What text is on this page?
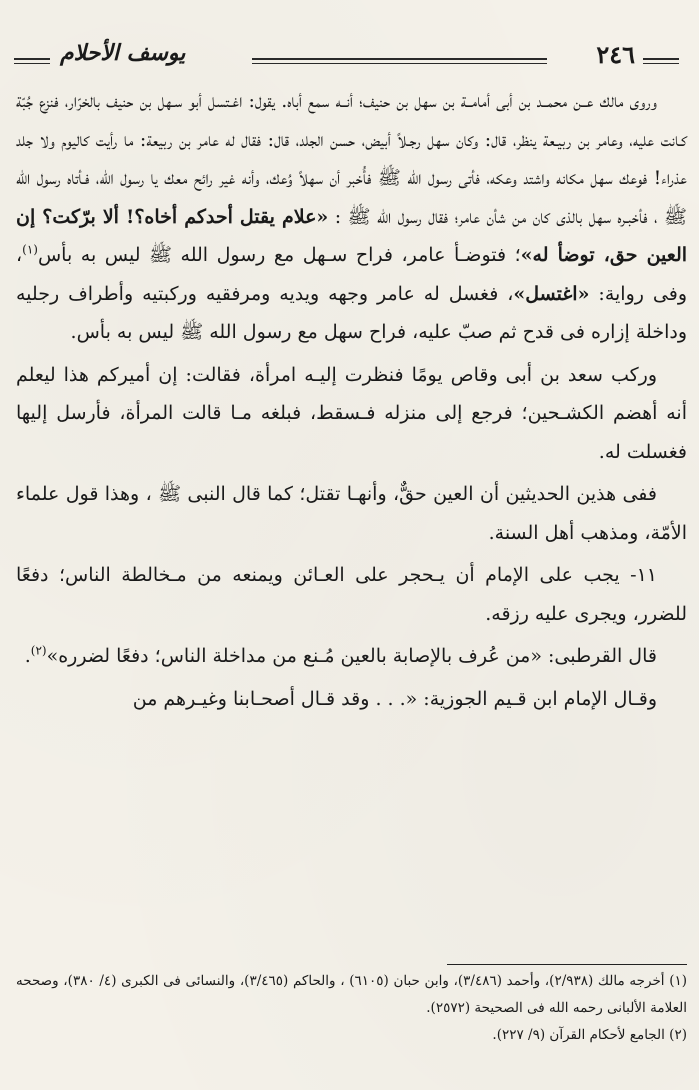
٢٤٦
يوسف الأحلام

وروى مالك عــن محمــد بن أبى أمامــة بن سهل بن حنيف؛ أنــه سمع أباه. يقول: اغـتسل أبو سـهل بن حنيف بالخرّار، فنزع جُبّة كـانت عليه، وعامر بن ربيـعة ينظر، قال: وكان سهل رجـلاً أبيض، حسن الجلد، قال: فقال له عامر بن ربيعة: ما رأيت كاليوم ولا جلد عذراء! فوعك سهل مكانه واشتد وعكه، فأتى رسول الله ﷺ فأُخبر أن سهلاً وُعك، وأنه غير رائح معك يا رسول الله، فـأتاه رسول الله ﷺ ، فأخبـره سهل بالذى كان من شأن عامر؛ فقال رسول الله ﷺ : «علام يقتل أحدكم أخاه؟! ألا برّكت؟ إن العين حق، توضأ له»؛ فتوضـأ عامر، فراح سـهل مع رسول الله ﷺ ليس به بأس$^{(١)}$، وفى رواية: «اغتسل»، فغسل له عامر وجهه ويديه ومرفقيه وركبتيه وأطراف رجليه وداخلة إزاره فى قدح ثم صبّ عليه، فراح سهل مع رسول الله ﷺ ليس به بأس.

وركب سعد بن أبى وقاص يومًا فنظرت إليـه امرأة، فقالت: إن أميركم هذا ليعلم أنه أهضم الكشـحين؛ فرجع إلى منزله فـسقط، فبلغه مـا قالت المرأة، فأرسل إليها فغسلت له.

ففى هذين الحديثين أن العين حقٌّ، وأنهـا تقتل؛ كما قال النبى ﷺ ، وهذا قول علماء الأمّة، ومذهب أهل السنة.

١١- يجب على الإمام أن يـحجر على العـائن ويمنعه من مـخالطة الناس؛ دفعًا للضرر، ويجرى عليه رزقه.

قال القرطبى: «من عُرف بالإصابة بالعين مُـنع من مداخلة الناس؛ دفعًا لضرره»$^{(٢)}$.

وقـال الإمام ابن قـيم الجوزية: «. . . وقد قـال أصحـابنا وغيـرهم من

(١) أخرجه مالك (٢/٩٣٨)، وأحمد (٣/٤٨٦)، وابن حبان (٦١٠٥) ، والحاكم (٣/٤٦٥)، والنسائى فى الكبرى (٤/ ٣٨٠)، وصححه العلامة الألبانى رحمه الله فى الصحيحة (٢٥٧٢).

(٢) الجامع لأحكام القرآن (٩/ ٢٢٧).
